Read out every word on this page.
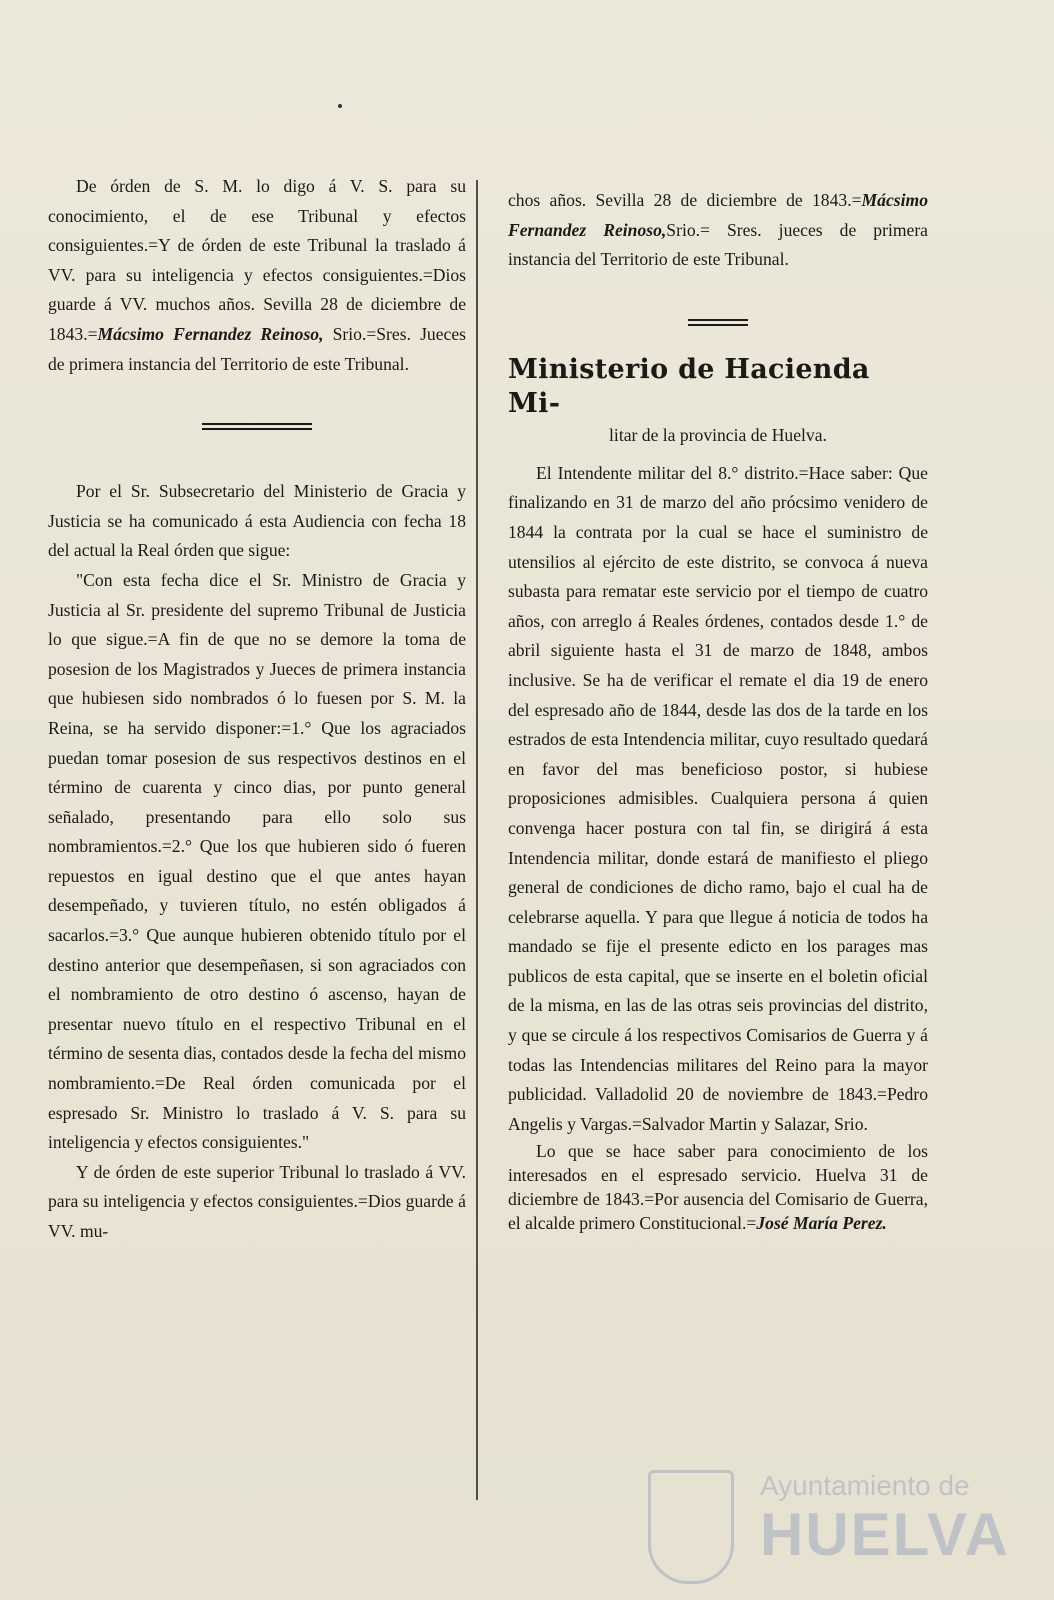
De órden de S. M. lo digo á V. S. para su conocimiento, el de ese Tribunal y efectos consiguientes.=Y de órden de este Tribunal la traslado á VV. para su inteligencia y efectos consiguientes.=Dios guarde á VV. muchos años. Sevilla 28 de diciembre de 1843.=Mácsimo Fernandez Reinoso, Srio.=Sres. Jueces de primera instancia del Territorio de este Tribunal.

Por el Sr. Subsecretario del Ministerio de Gracia y Justicia se ha comunicado á esta Audiencia con fecha 18 del actual la Real órden que sigue:

"Con esta fecha dice el Sr. Ministro de Gracia y Justicia al Sr. presidente del supremo Tribunal de Justicia lo que sigue.=A fin de que no se demore la toma de posesion de los Magistrados y Jueces de primera instancia que hubiesen sido nombrados ó lo fuesen por S. M. la Reina, se ha servido disponer:=1.° Que los agraciados puedan tomar posesion de sus respectivos destinos en el término de cuarenta y cinco dias, por punto general señalado, presentando para ello solo sus nombramientos.=2.° Que los que hubieren sido ó fueren repuestos en igual destino que el que antes hayan desempeñado, y tuvieren título, no estén obligados á sacarlos.=3.° Que aunque hubieren obtenido título por el destino anterior que desempeñasen, si son agraciados con el nombramiento de otro destino ó ascenso, hayan de presentar nuevo título en el respectivo Tribunal en el término de sesenta dias, contados desde la fecha del mismo nombramiento.=De Real órden comunicada por el espresado Sr. Ministro lo traslado á V. S. para su inteligencia y efectos consiguientes."

Y de órden de este superior Tribunal lo traslado á VV. para su inteligencia y efectos consiguientes.=Dios guarde á VV. mu-

chos años. Sevilla 28 de diciembre de 1843.=Mácsimo Fernandez Reinoso,Srio.= Sres. jueces de primera instancia del Territorio de este Tribunal.

Ministerio de Hacienda Mi-
litar de la provincia de Huelva.

El Intendente militar del 8.° distrito.=Hace saber: Que finalizando en 31 de marzo del año prócsimo venidero de 1844 la contrata por la cual se hace el suministro de utensilios al ejército de este distrito, se convoca á nueva subasta para rematar este servicio por el tiempo de cuatro años, con arreglo á Reales órdenes, contados desde 1.° de abril siguiente hasta el 31 de marzo de 1848, ambos inclusive. Se ha de verificar el remate el dia 19 de enero del espresado año de 1844, desde las dos de la tarde en los estrados de esta Intendencia militar, cuyo resultado quedará en favor del mas beneficioso postor, si hubiese proposiciones admisibles. Cualquiera persona á quien convenga hacer postura con tal fin, se dirigirá á esta Intendencia militar, donde estará de manifiesto el pliego general de condiciones de dicho ramo, bajo el cual ha de celebrarse aquella. Y para que llegue á noticia de todos ha mandado se fije el presente edicto en los parages mas publicos de esta capital, que se inserte en el boletin oficial de la misma, en las de las otras seis provincias del distrito, y que se circule á los respectivos Comisarios de Guerra y á todas las Intendencias militares del Reino para la mayor publicidad. Valladolid 20 de noviembre de 1843.=Pedro Angelis y Vargas.=Salvador Martin y Salazar, Srio.

Lo que se hace saber para conocimiento de los interesados en el espresado servicio. Huelva 31 de diciembre de 1843.=Por ausencia del Comisario de Guerra, el alcalde primero Constitucional.=José María Perez.

Ayuntamiento de
HUELVA
